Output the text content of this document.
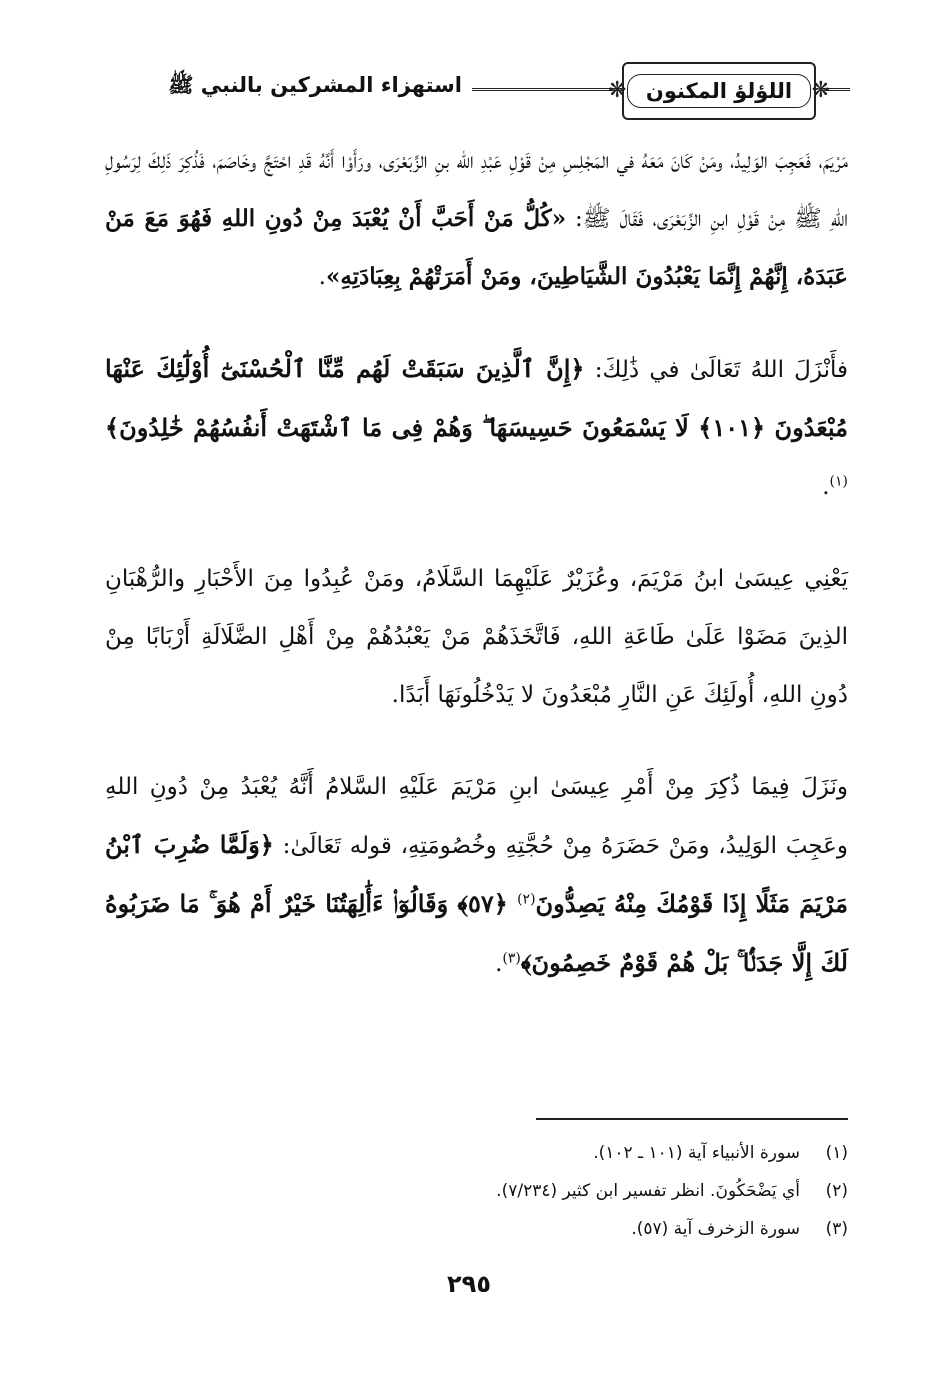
❋ اللؤلؤ المكنون
❋
استهزاء المشركين بالنبي ﷺ

مَرْيَمَ، فَعَجِبَ الوَلِيدُ، ومَنْ كَانَ مَعَهُ في المَجْلِسِ مِنْ قَوْلِ عَبْدِ الله بنِ الزِّبَعْرَى، ورَأَوْا أَنَّهُ قَدِ احْتَجَّ وخَاصَمَ، فَذُكِرَ ذَلِكَ لِرَسُولِ اللهِ ﷺ مِنْ قَوْلِ ابنِ الزِّبَعْرَى، فَقَالَ ﷺ: «كُلُّ مَنْ أَحَبَّ أَنْ يُعْبَدَ مِنْ دُونِ اللهِ فَهُوَ مَعَ مَنْ عَبَدَهُ، إِنَّهُمْ إِنَّمَا يَعْبُدُونَ الشَّيَاطِينَ، ومَنْ أَمَرَتْهُمْ بِعِبَادَتِهِ».

فأَنْزَلَ اللهُ تَعَالَىٰ في ذَٰلِكَ: ﴿إِنَّ ٱلَّذِينَ سَبَقَتْ لَهُم مِّنَّا ٱلْحُسْنَىٰٓ أُوْلَٰٓئِكَ عَنْهَا مُبْعَدُونَ ﴿١٠١﴾ لَا يَسْمَعُونَ حَسِيسَهَا ۖ وَهُمْ فِى مَا ٱشْتَهَتْ أَنفُسُهُمْ خَٰلِدُونَ﴾$^{(١)}$.

يَعْنِي عِيسَىٰ ابنُ مَرْيَمَ، وعُزَيْرٌ عَلَيْهِمَا السَّلَامُ، ومَنْ عُبِدُوا مِنَ الأَحْبَارِ والرُّهْبَانِ الذِينَ مَضَوْا عَلَىٰ طَاعَةِ اللهِ، فَاتَّخَذَهُمْ مَنْ يَعْبُدُهُمْ مِنْ أَهْلِ الضَّلَالَةِ أَرْبَابًا مِنْ دُونِ اللهِ، أُولَئِكَ عَنِ النَّارِ مُبْعَدُونَ لا يَدْخُلُونَهَا أَبَدًا.

ونَزَلَ فِيمَا ذُكِرَ مِنْ أَمْرِ عِيسَىٰ ابنِ مَرْيَمَ عَلَيْهِ السَّلامُ أَنَّهُ يُعْبَدُ مِنْ دُونِ اللهِ وعَجِبَ الوَلِيدُ، ومَنْ حَضَرَهُ مِنْ حُجَّتِهِ وخُصُومَتِهِ، قوله تَعَالَىٰ: ﴿وَلَمَّا ضُرِبَ ٱبْنُ مَرْيَمَ مَثَلًا إِذَا قَوْمُكَ مِنْهُ يَصِدُّونَ$^{(٢)}$ ﴿٥٧﴾ وَقَالُوٓا۟ ءَأَٰلِهَتُنَا خَيْرٌ أَمْ هُوَ ۚ مَا ضَرَبُوهُ لَكَ إِلَّا جَدَلًۢا ۚ بَلْ هُمْ قَوْمٌ خَصِمُونَ﴾$^{(٣)}$.

(١)
سورة الأنبياء آية (١٠١ ـ ١٠٢).
(٢)
أي يَضْحَكُونَ. انظر تفسير ابن كثير (٧/٢٣٤).
(٣)
سورة الزخرف آية (٥٧).
٢٩٥
